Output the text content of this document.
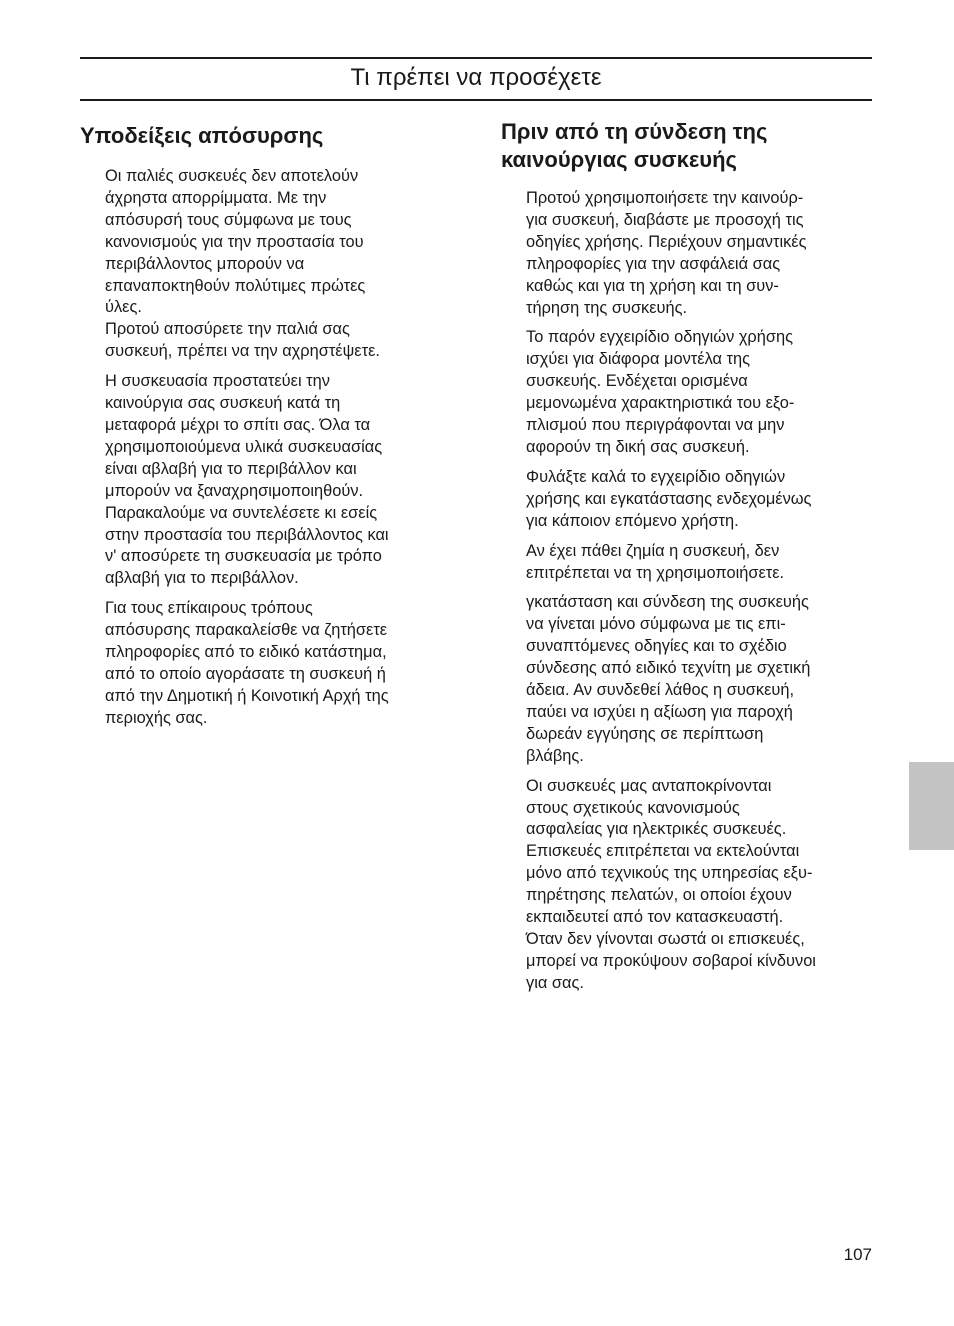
Τι πρέπει να προσέχετε
Υποδείξεις απόσυρσης

Οι παλιές συσκευές δεν αποτελούν
άχρηστα απορρίμματα. Με την
απόσυρσή τους σύμφωνα με τους
κανονισμούς για την προστασία του
περιβάλλοντος μπορούν να
επαναποκτηθούν πολύτιμες πρώτες
ύλες.
Προτού αποσύρετε την παλιά σας
συσκευή, πρέπει να την αχρηστέψετε.

Η συσκευασία προστατεύει την
καινούργια σας συσκευή κατά τη
μεταφορά μέχρι το σπίτι σας. Όλα τα
χρησιμοποιούμενα υλικά συσκευασίας
είναι αβλαβή για το περιβάλλον και
μπορούν να ξαναχρησιμοποιηθούν.
Παρακαλούμε να συντελέσετε κι εσείς
στην προστασία του περιβάλλοντος και
ν' αποσύρετε τη συσκευασία με τρόπο
αβλαβή για το περιβάλλον.

Για τους επίκαιρους τρόπους
απόσυρσης παρακαλείσθε να ζητήσετε
πληροφορίες από το ειδικό κατάστημα,
από το οποίο αγοράσατε τη συσκευή ή
από την Δημοτική ή Κοινοτική Αρχή της
περιοχής σας.

Πριν από τη σύνδεση της
καινούργιας συσκευής

Προτού χρησιμοποιήσετε την καινούρ-
για συσκευή, διαβάστε με προσοχή τις
οδηγίες χρήσης. Περιέχουν σημαντικές
πληροφορίες για την ασφάλειά σας
καθώς και για τη χρήση και τη συν-
τήρηση της συσκευής.

Το παρόν εγχειρίδιο οδηγιών χρήσης
ισχύει για διάφορα μοντέλα της
συσκευής. Ενδέχεται ορισμένα
μεμονωμένα χαρακτηριστικά του εξο-
πλισμού που περιγράφονται να μην
αφορούν τη δική σας συσκευή.

Φυλάξτε καλά το εγχειρίδιο οδηγιών
χρήσης και εγκατάστασης ενδεχομένως
για κάποιον επόμενο χρήστη.

Αν έχει πάθει ζημία η συσκευή, δεν
επιτρέπεται να τη χρησιμοποιήσετε.

γκατάσταση και σύνδεση της συσκευής
να γίνεται μόνο σύμφωνα με τις επι-
συναπτόμενες οδηγίες και το σχέδιο
σύνδεσης από ειδικό τεχνίτη με σχετική
άδεια. Αν συνδεθεί λάθος η συσκευή,
παύει να ισχύει η αξίωση για παροχή
δωρεάν εγγύησης σε περίπτωση
βλάβης.

Οι συσκευές μας ανταποκρίνονται
στους σχετικούς κανονισμούς
ασφαλείας για ηλεκτρικές συσκευές.
Επισκευές επιτρέπεται να εκτελούνται
μόνο από τεχνικούς της υπηρεσίας εξυ-
πηρέτησης πελατών, οι οποίοι έχουν
εκπαιδευτεί από τον κατασκευαστή.
Όταν δεν γίνονται σωστά οι επισκευές,
μπορεί να προκύψουν σοβαροί κίνδυνοι
για σας.

107
